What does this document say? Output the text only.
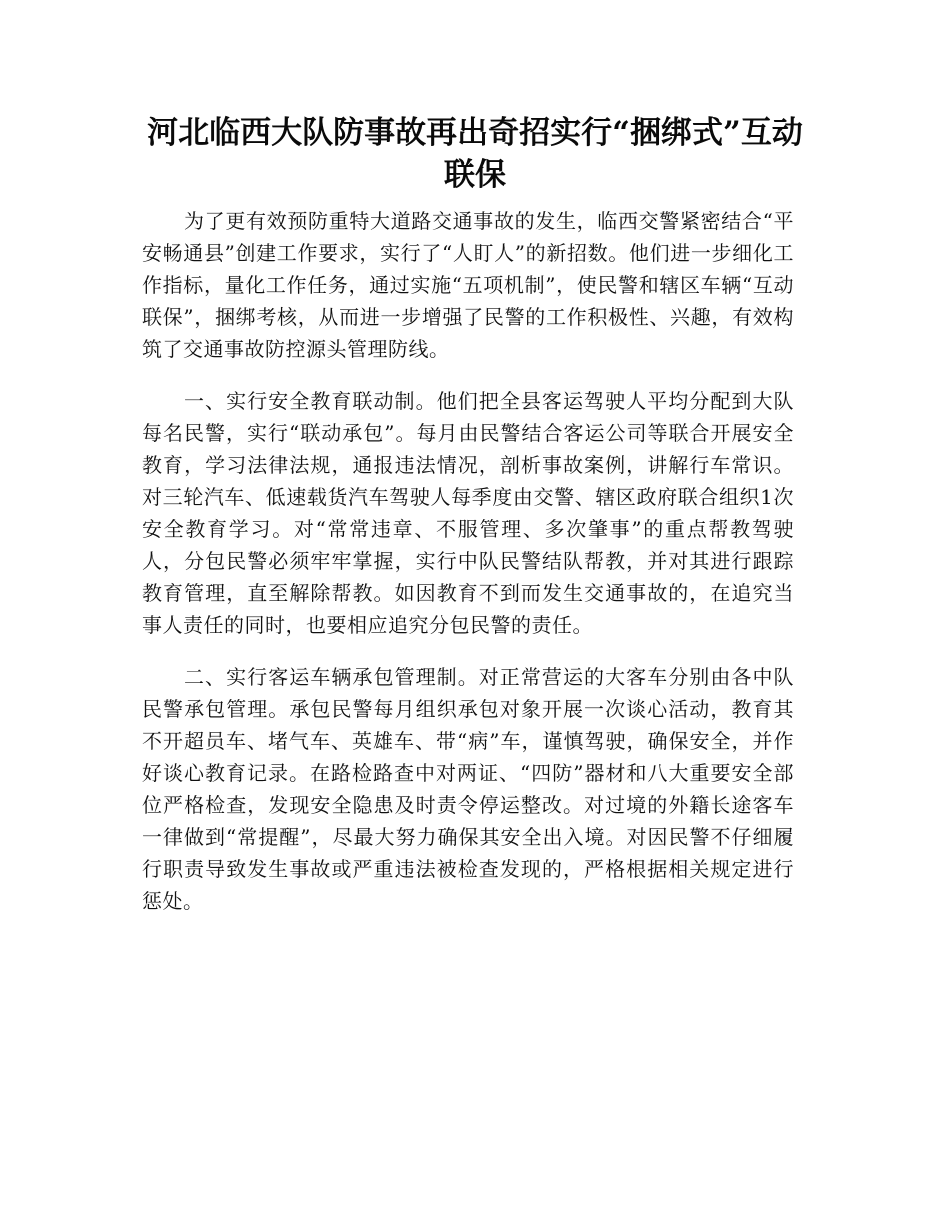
河北临西大队防事故再出奇招实行“捆绑式”互动联保

为了更有效预防重特大道路交通事故的发生，临西交警紧密结合“平安畅通县”创建工作要求，实行了“人盯人”的新招数。他们进一步细化工作指标，量化工作任务，通过实施“五项机制”，使民警和辖区车辆“互动联保”，捆绑考核，从而进一步增强了民警的工作积极性、兴趣，有效构筑了交通事故防控源头管理防线。

一、实行安全教育联动制。他们把全县客运驾驶人平均分配到大队每名民警，实行“联动承包”。每月由民警结合客运公司等联合开展安全教育，学习法律法规，通报违法情况，剖析事故案例，讲解行车常识。对三轮汽车、低速载货汽车驾驶人每季度由交警、辖区政府联合组织1次安全教育学习。对“常常违章、不服管理、多次肇事”的重点帮教驾驶人，分包民警必须牢牢掌握，实行中队民警结队帮教，并对其进行跟踪教育管理，直至解除帮教。如因教育不到而发生交通事故的，在追究当事人责任的同时，也要相应追究分包民警的责任。

二、实行客运车辆承包管理制。对正常营运的大客车分别由各中队民警承包管理。承包民警每月组织承包对象开展一次谈心活动，教育其不开超员车、堵气车、英雄车、带“病”车，谨慎驾驶，确保安全，并作好谈心教育记录。在路检路查中对两证、“四防”器材和八大重要安全部位严格检查，发现安全隐患及时责令停运整改。对过境的外籍长途客车一律做到“常提醒”，尽最大努力确保其安全出入境。对因民警不仔细履行职责导致发生事故或严重违法被检查发现的，严格根据相关规定进行惩处。
